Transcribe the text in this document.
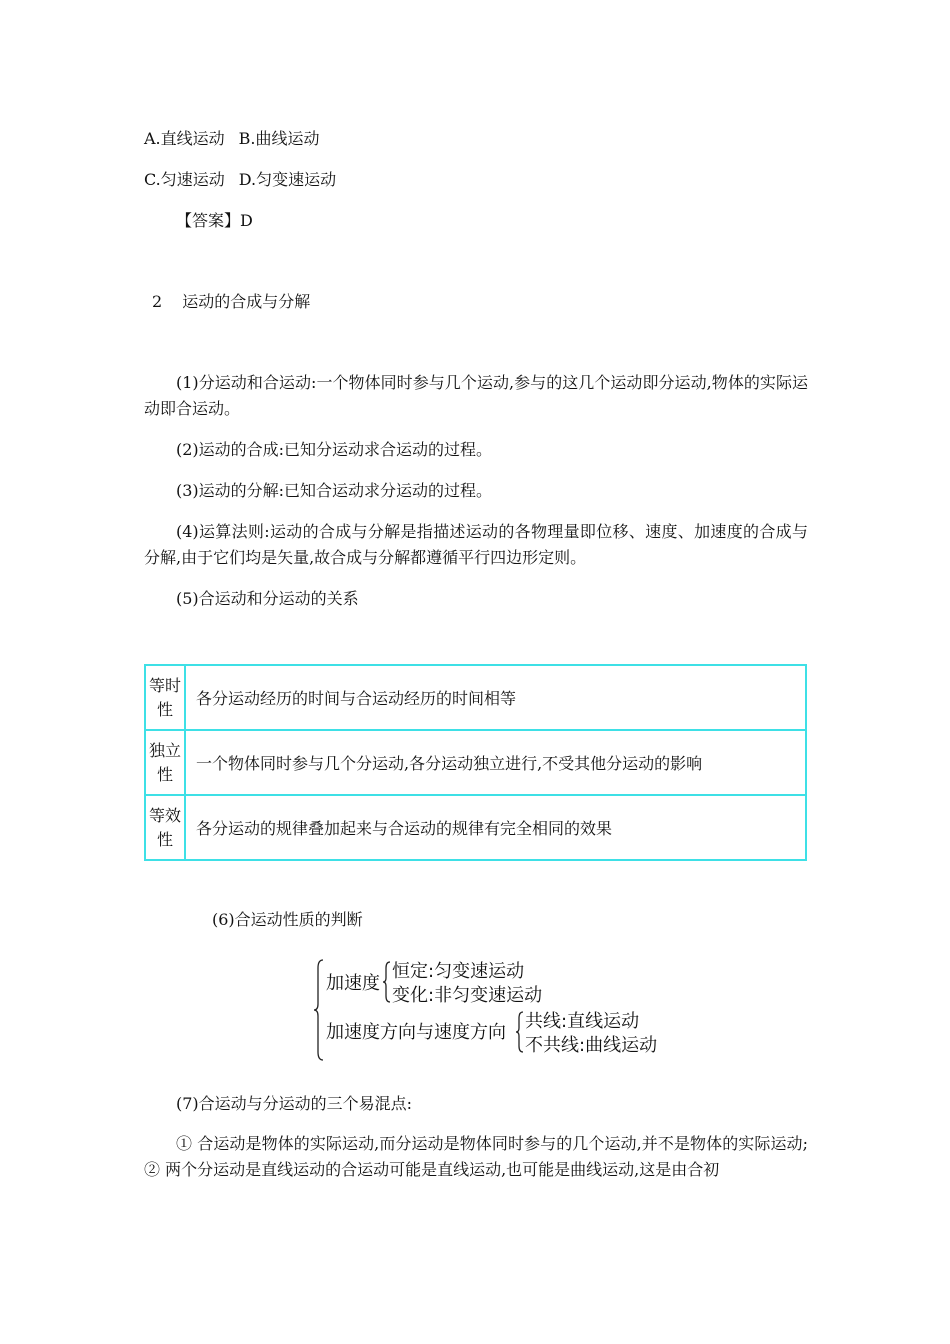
A.直线运动 B.曲线运动
C.匀速运动 D.匀变速运动
【答案】D
2 运动的合成与分解
(1)分运动和合运动:一个物体同时参与几个运动,参与的这几个运动即分运动,物体的实际运动即合运动。
(2)运动的合成:已知分运动求合运动的过程。
(3)运动的分解:已知合运动求分运动的过程。
(4)运算法则:运动的合成与分解是指描述运动的各物理量即位移、速度、加速度的合成与分解,由于它们均是矢量,故合成与分解都遵循平行四边形定则。
(5)合运动和分运动的关系
等时性	各分运动经历的时间与合运动经历的时间相等
独立性	一个物体同时参与几个分运动,各分运动独立进行,不受其他分运动的影响
等效性	各分运动的规律叠加起来与合运动的规律有完全相同的效果
(6)合运动性质的判断
加速度
恒定:匀变速运动
变化:非匀变速运动
加速度方向与速度方向
共线:直线运动
不共线:曲线运动
(7)合运动与分运动的三个易混点:
① 合运动是物体的实际运动,而分运动是物体同时参与的几个运动,并不是物体的实际运动; ② 两个分运动是直线运动的合运动可能是直线运动,也可能是曲线运动,这是由合初
